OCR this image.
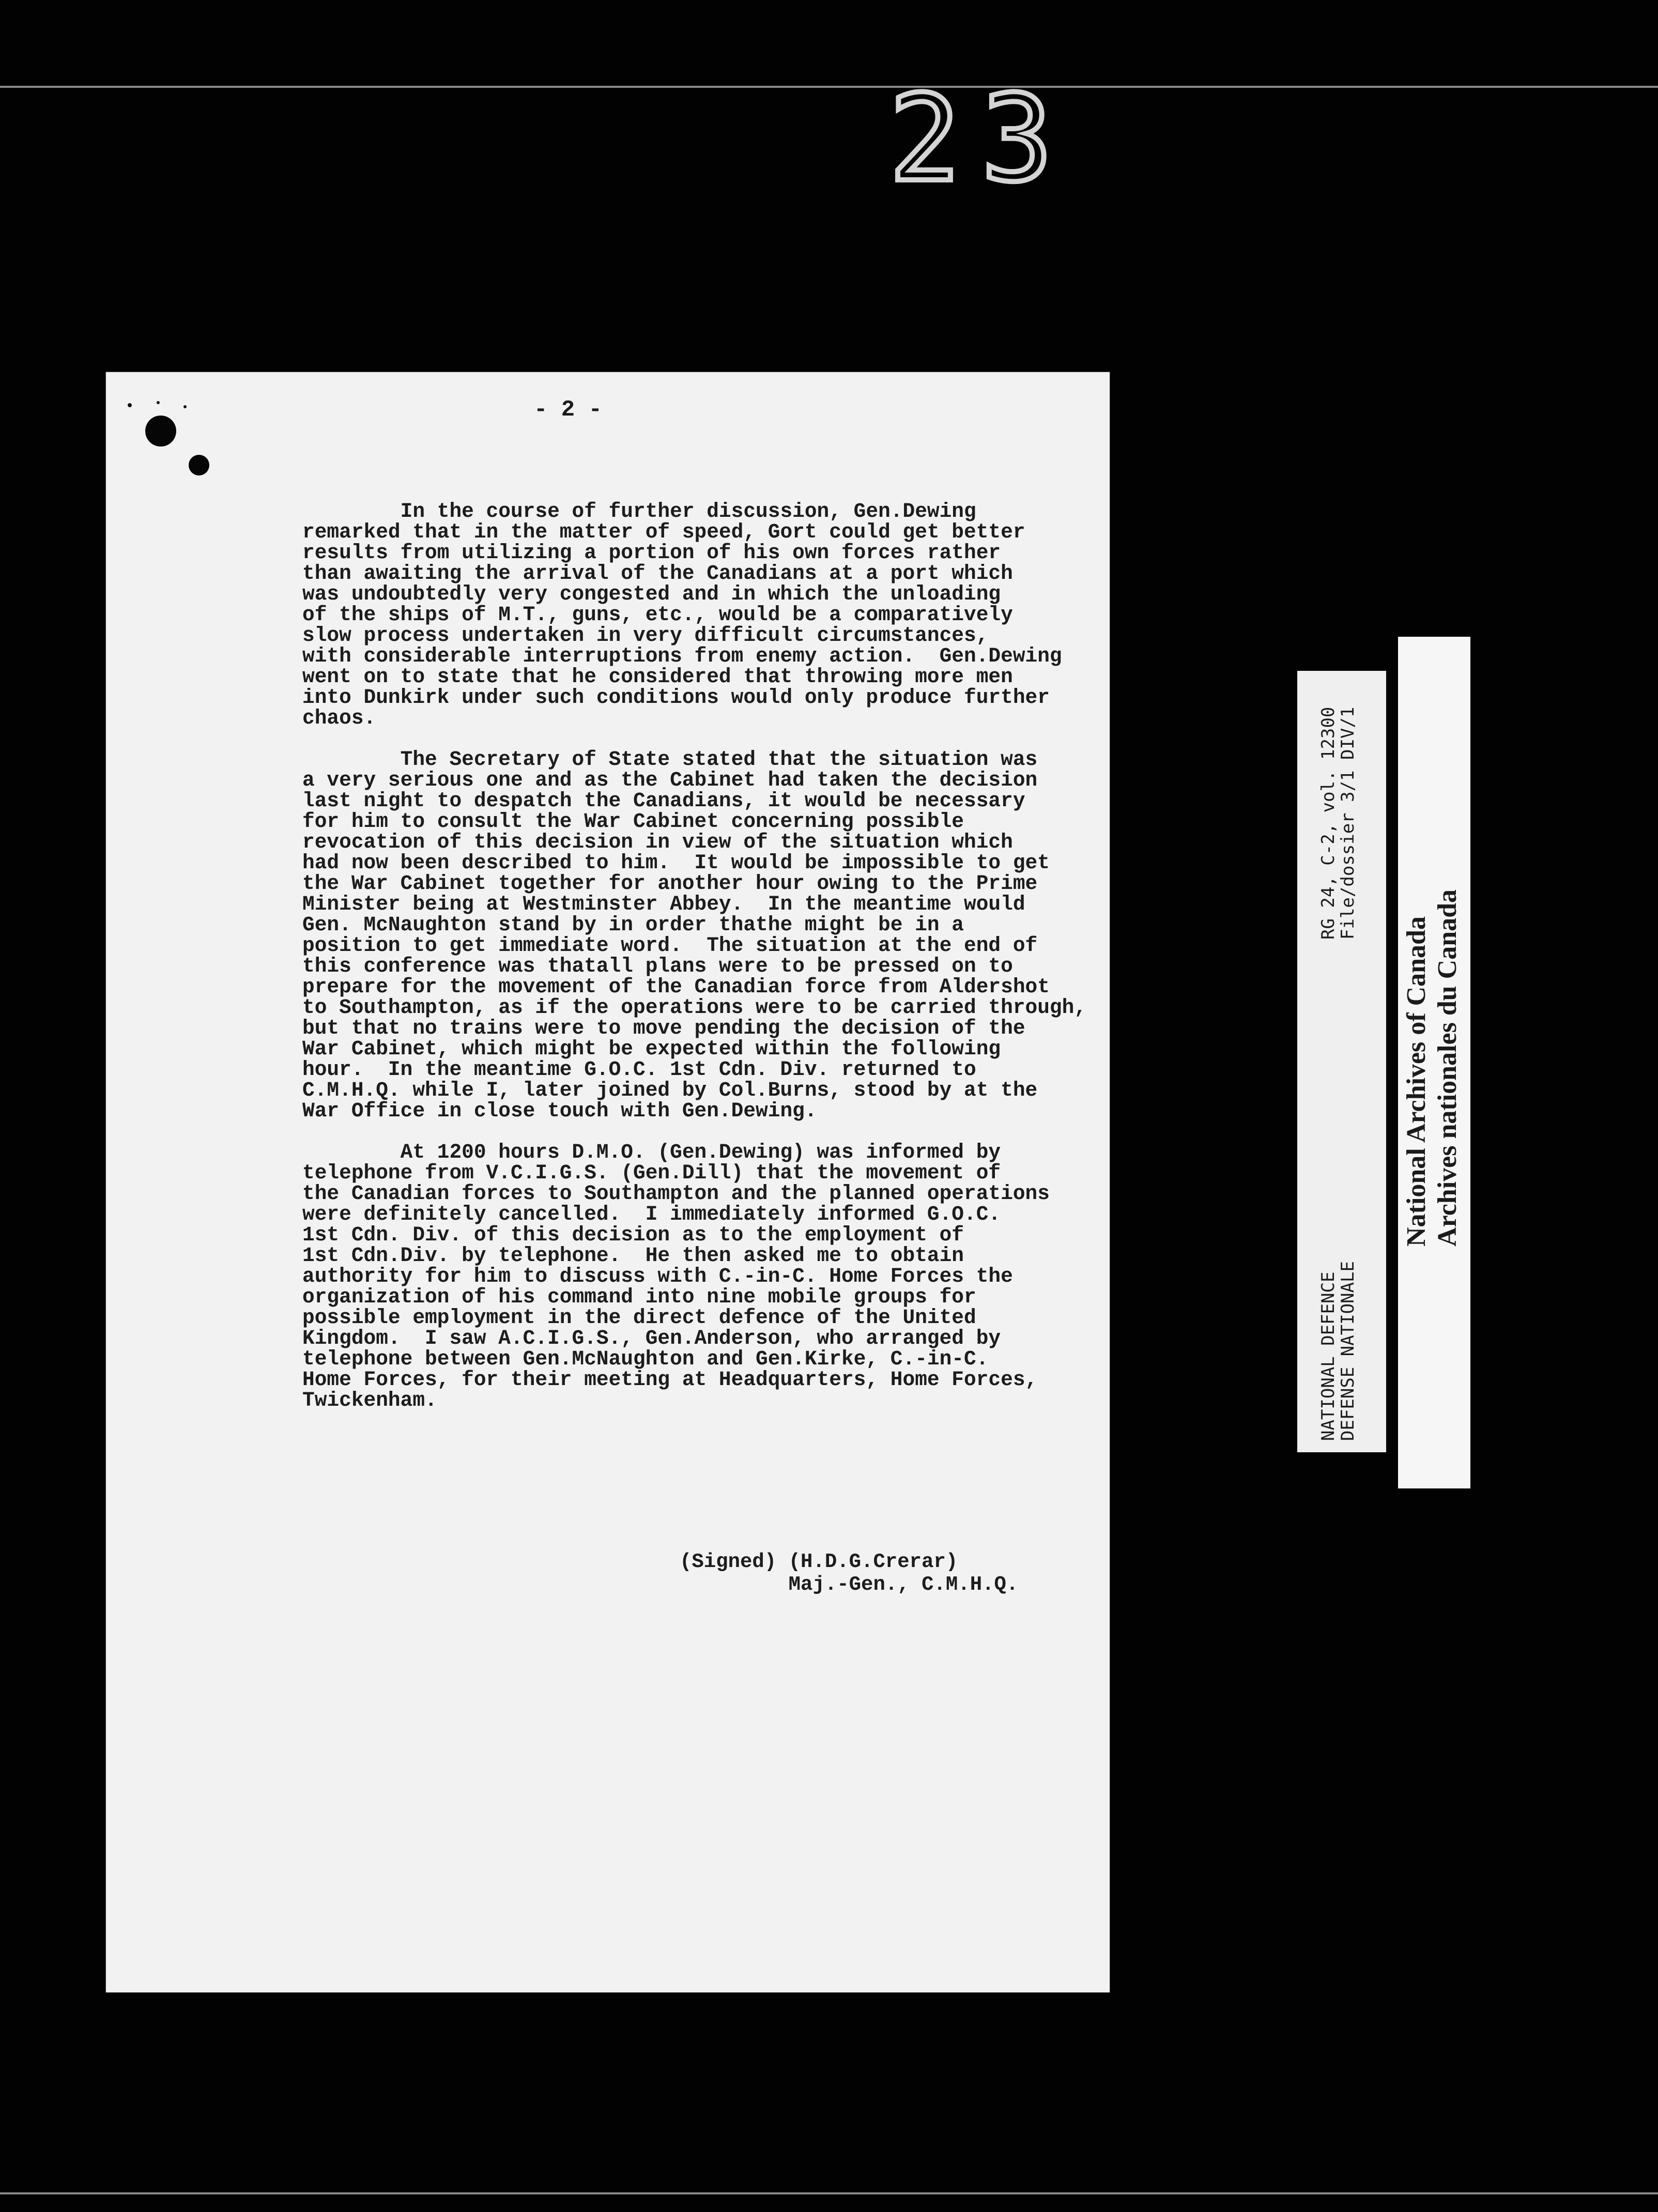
23
- 2 -
In the course of further discussion, Gen.Dewing
remarked that in the matter of speed, Gort could get better
results from utilizing a portion of his own forces rather
than awaiting the arrival of the Canadians at a port which
was undoubtedly very congested and in which the unloading
of the ships of M.T., guns, etc., would be a comparatively
slow process undertaken in very difficult circumstances,
with considerable interruptions from enemy action.  Gen.Dewing
went on to state that he considered that throwing more men
into Dunkirk under such conditions would only produce further
chaos.
The Secretary of State stated that the situation was
a very serious one and as the Cabinet had taken the decision
last night to despatch the Canadians, it would be necessary
for him to consult the War Cabinet concerning possible
revocation of this decision in view of the situation which
had now been described to him.  It would be impossible to get
the War Cabinet together for another hour owing to the Prime
Minister being at Westminster Abbey.  In the meantime would
Gen. McNaughton stand by in order thathe might be in a
position to get immediate word.  The situation at the end of
this conference was thatall plans were to be pressed on to
prepare for the movement of the Canadian force from Aldershot
to Southampton, as if the operations were to be carried through,
but that no trains were to move pending the decision of the
War Cabinet, which might be expected within the following
hour.  In the meantime G.O.C. 1st Cdn. Div. returned to
C.M.H.Q. while I, later joined by Col.Burns, stood by at the
War Office in close touch with Gen.Dewing.
At 1200 hours D.M.O. (Gen.Dewing) was informed by
telephone from V.C.I.G.S. (Gen.Dill) that the movement of
the Canadian forces to Southampton and the planned operations
were definitely cancelled.  I immediately informed G.O.C.
1st Cdn. Div. of this decision as to the employment of
1st Cdn.Div. by telephone.  He then asked me to obtain
authority for him to discuss with C.-in-C. Home Forces the
organization of his command into nine mobile groups for
possible employment in the direct defence of the United
Kingdom.  I saw A.C.I.G.S., Gen.Anderson, who arranged by
telephone between Gen.McNaughton and Gen.Kirke, C.-in-C.
Home Forces, for their meeting at Headquarters, Home Forces,
Twickenham.
(Signed) (H.D.G.Crerar)
Maj.-Gen., C.M.H.Q.
RG 24, C-2, vol. 12300
File/dossier 3/1 DIV/1
NATIONAL DEFENCE
DEFENSE NATIONALE
National Archives of Canada Archives nationales du Canada
